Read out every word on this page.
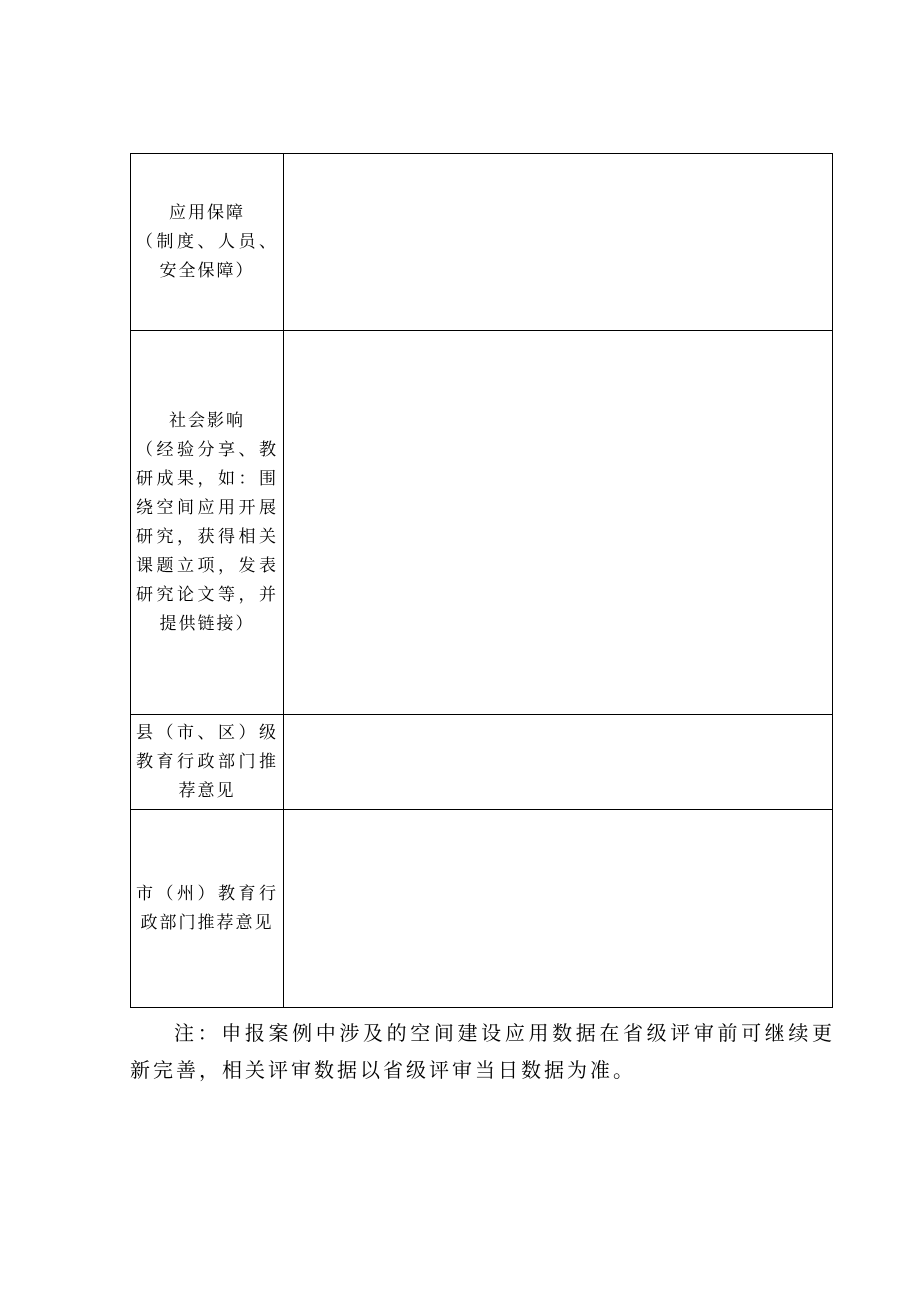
应用保障
（制度、人员、安全保障）	

社会影响
（经验分享、教研成果，如：围绕空间应用开展研究，获得相关课题立项，发表研究论文等，并提供链接）	

县（市、区）级教育行政部门推荐意见	

市（州）教育行政部门推荐意见	

注：申报案例中涉及的空间建设应用数据在省级评审前可继续更新完善，相关评审数据以省级评审当日数据为准。
